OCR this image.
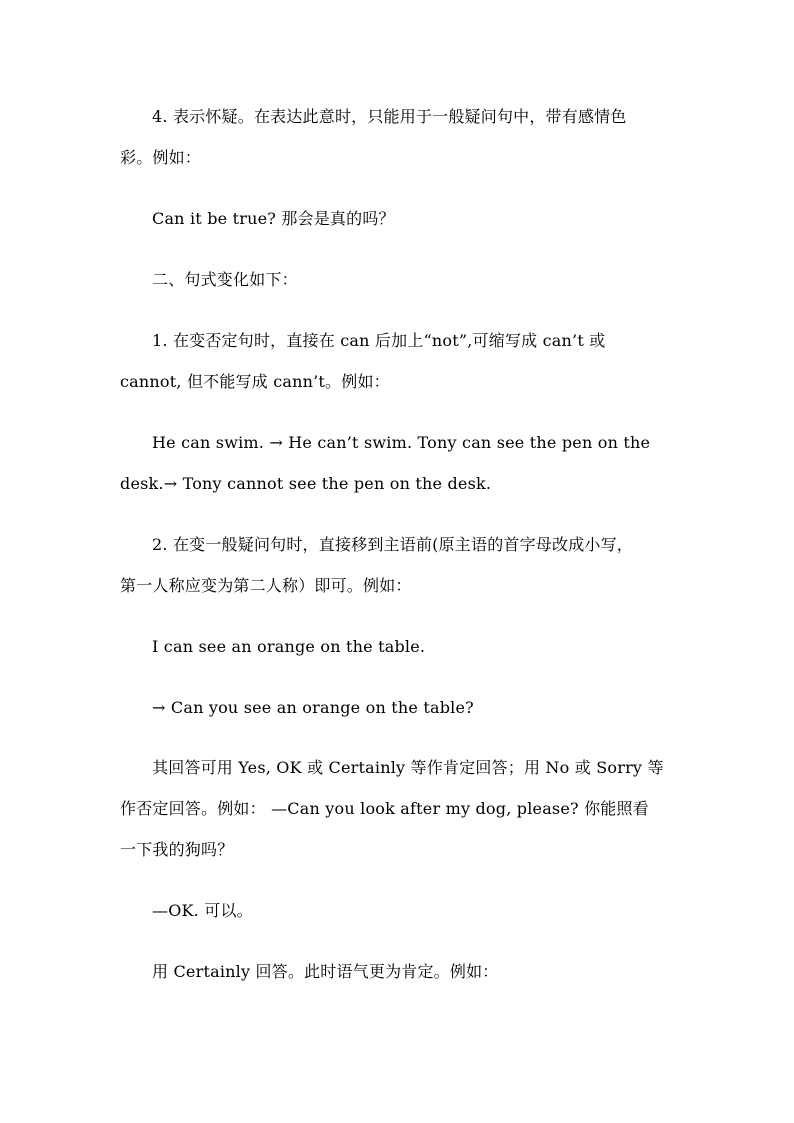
4. 表示怀疑。在表达此意时，只能用于一般疑问句中，带有感情色
彩。例如：
Can it be true? 那会是真的吗？
二、句式变化如下：
1. 在变否定句时，直接在 can 后加上“not”,可缩写成 can’t 或
cannot, 但不能写成 cann’t。例如：
He can swim. → He can’t swim. Tony can see the pen on the
desk.→ Tony cannot see the pen on the desk.
2. 在变一般疑问句时，直接移到主语前(原主语的首字母改成小写，
第一人称应变为第二人称）即可。例如：
I can see an orange on the table.
→ Can you see an orange on the table?
其回答可用 Yes, OK 或 Certainly 等作肯定回答；用 No 或 Sorry 等
作否定回答。例如： —Can you look after my dog, please? 你能照看
一下我的狗吗？
—OK. 可以。
用 Certainly 回答。此时语气更为肯定。例如：
